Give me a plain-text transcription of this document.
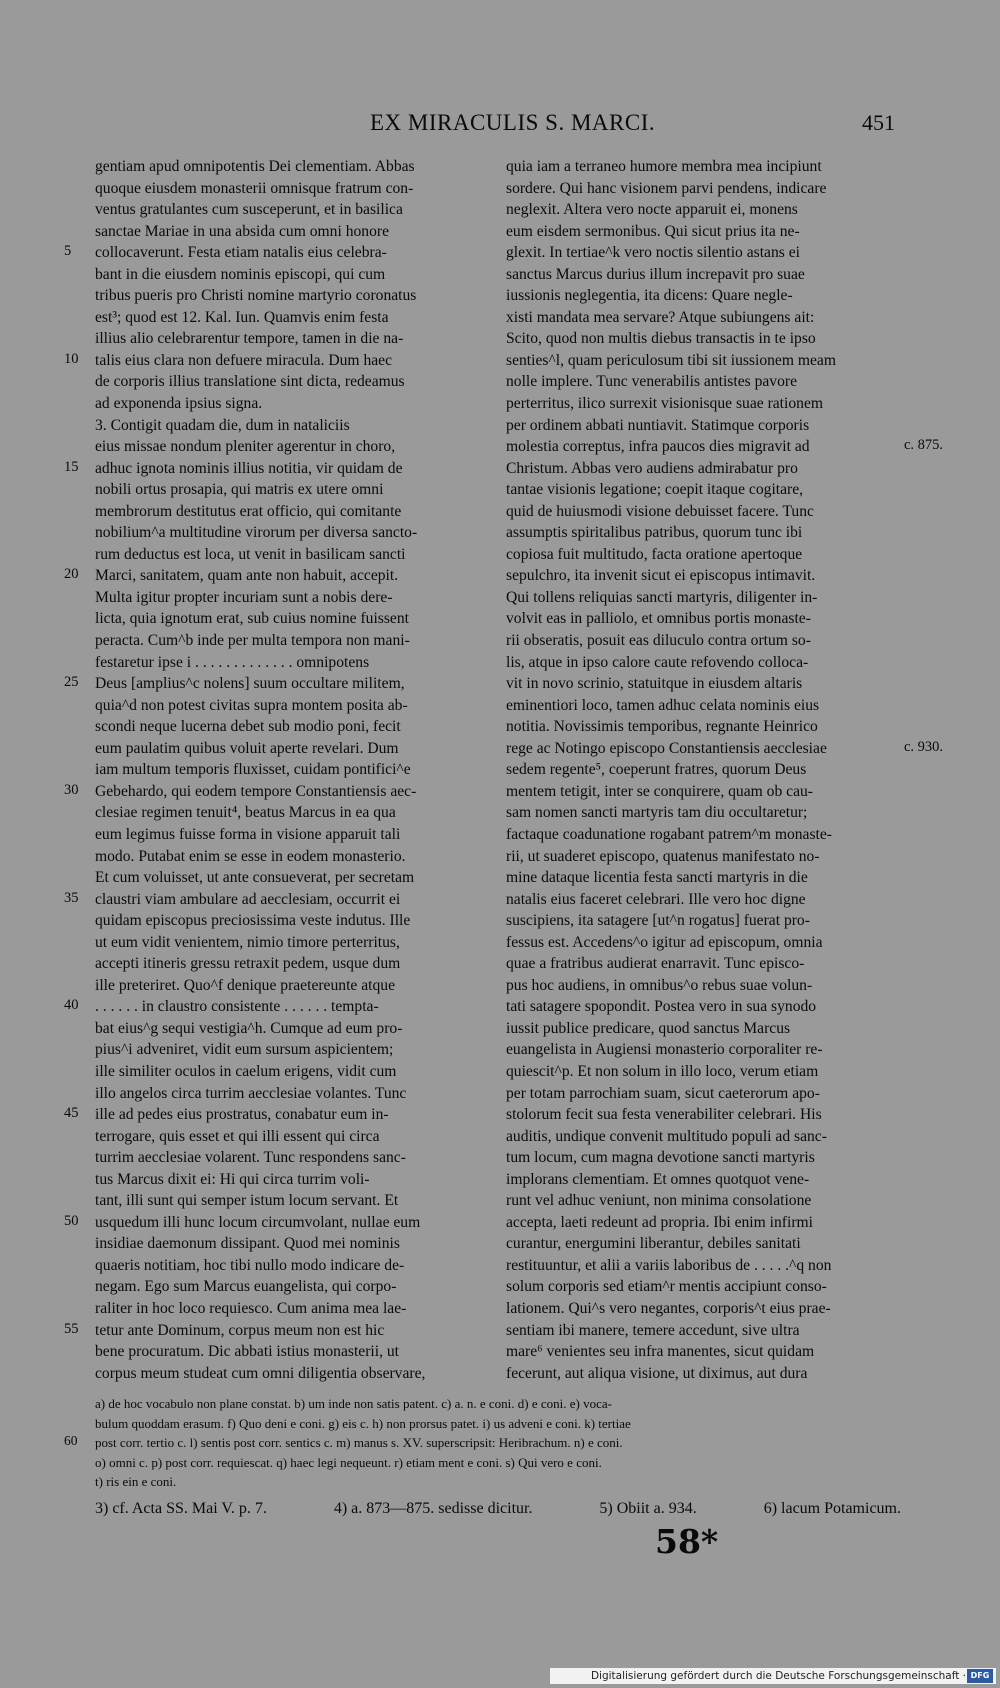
EX MIRACULIS S. MARCI.	451
gentiam apud omnipotentis Dei clementiam. Abbas
quoque eiusdem monasterii omnisque fratrum con-
ventus gratulantes cum susceperunt, et in basilica
sanctae Mariae in una absida cum omni honore
collocaverunt. Festa etiam natalis eius celebra-
bant in die eiusdem nominis episcopi, qui cum
tribus pueris pro Christi nomine martyrio coronatus
est³; quod est 12. Kal. Iun. Quamvis enim festa
illius alio celebrarentur tempore, tamen in die na-
talis eius clara non defuere miracula. Dum haec
de corporis illius translatione sint dicta, redeamus
ad exponenda ipsius signa.
3. Contigit quadam die, dum in nataliciis
eius missae nondum pleniter agerentur in choro,
adhuc ignota nominis illius notitia, vir quidam de
nobili ortus prosapia, qui matris ex utere omni
membrorum destitutus erat officio, qui comitante
nobilium^a multitudine virorum per diversa sancto-
rum deductus est loca, ut venit in basilicam sancti
Marci, sanitatem, quam ante non habuit, accepit.
Multa igitur propter incuriam sunt a nobis dere-
licta, quia ignotum erat, sub cuius nomine fuissent
peracta. Cum^b inde per multa tempora non mani-
festaretur ipse i . . . . . . . . . . . . . omnipotens
Deus [amplius^c nolens] suum occultare militem,
quia^d non potest civitas supra montem posita ab-
scondi neque lucerna debet sub modio poni, fecit
eum paulatim quibus voluit aperte revelari. Dum
iam multum temporis fluxisset, cuidam pontifici^e
Gebehardo, qui eodem tempore Constantiensis aec-
clesiae regimen tenuit⁴, beatus Marcus in ea qua
eum legimus fuisse forma in visione apparuit tali
modo. Putabat enim se esse in eodem monasterio.
Et cum voluisset, ut ante consueverat, per secretam
claustri viam ambulare ad aecclesiam, occurrit ei
quidam episcopus preciosissima veste indutus. Ille
ut eum vidit venientem, nimio timore perterritus,
accepti itineris gressu retraxit pedem, usque dum
ille preteriret. Quo^f denique praetereunte atque
. . . . . . in claustro consistente . . . . . . tempta-
bat eius^g sequi vestigia^h. Cumque ad eum pro-
pius^i adveniret, vidit eum sursum aspicientem;
ille similiter oculos in caelum erigens, vidit cum
illo angelos circa turrim aecclesiae volantes. Tunc
ille ad pedes eius prostratus, conabatur eum in-
terrogare, quis esset et qui illi essent qui circa
turrim aecclesiae volarent. Tunc respondens sanc-
tus Marcus dixit ei: Hi qui circa turrim voli-
tant, illi sunt qui semper istum locum servant. Et
usquedum illi hunc locum circumvolant, nullae eum
insidiae daemonum dissipant. Quod mei nominis
quaeris notitiam, hoc tibi nullo modo indicare de-
negam. Ego sum Marcus euangelista, qui corpo-
raliter in hoc loco requiesco. Cum anima mea lae-
tetur ante Dominum, corpus meum non est hic
bene procuratum. Dic abbati istius monasterii, ut
corpus meum studeat cum omni diligentia observare,
quia iam a terraneo humore membra mea incipiunt
sordere. Qui hanc visionem parvi pendens, indicare
neglexit. Altera vero nocte apparuit ei, monens
eum eisdem sermonibus. Qui sicut prius ita ne-
glexit. In tertiae^k vero noctis silentio astans ei
sanctus Marcus durius illum increpavit pro suae
iussionis neglegentia, ita dicens: Quare negle-
xisti mandata mea servare? Atque subiungens ait:
Scito, quod non multis diebus transactis in te ipso
senties^l, quam periculosum tibi sit iussionem meam
nolle implere. Tunc venerabilis antistes pavore
perterritus, ilico surrexit visionisque suae rationem
per ordinem abbati nuntiavit. Statimque corporis
molestia correptus, infra paucos dies migravit ad
Christum. Abbas vero audiens admirabatur pro
tantae visionis legatione; coepit itaque cogitare,
quid de huiusmodi visione debuisset facere. Tunc
assumptis spiritalibus patribus, quorum tunc ibi
copiosa fuit multitudo, facta oratione apertoque
sepulchro, ita invenit sicut ei episcopus intimavit.
Qui tollens reliquias sancti martyris, diligenter in-
volvit eas in palliolo, et omnibus portis monaste-
rii obseratis, posuit eas diluculo contra ortum so-
lis, atque in ipso calore caute refovendo colloca-
vit in novo scrinio, statuitque in eiusdem altaris
eminentiori loco, tamen adhuc celata nominis eius
notitia. Novissimis temporibus, regnante Heinrico
rege ac Notingo episcopo Constantiensis aecclesiae
sedem regente⁵, coeperunt fratres, quorum Deus
mentem tetigit, inter se conquirere, quam ob cau-
sam nomen sancti martyris tam diu occultaretur;
factaque coadunatione rogabant patrem^m monaste-
rii, ut suaderet episcopo, quatenus manifestato no-
mine dataque licentia festa sancti martyris in die
natalis eius faceret celebrari. Ille vero hoc digne
suscipiens, ita satagere [ut^n rogatus] fuerat pro-
fessus est. Accedens^o igitur ad episcopum, omnia
quae a fratribus audierat enarravit. Tunc episco-
pus hoc audiens, in omnibus^o rebus suae volun-
tati satagere spopondit. Postea vero in sua synodo
iussit publice predicare, quod sanctus Marcus
euangelista in Augiensi monasterio corporaliter re-
quiescit^p. Et non solum in illo loco, verum etiam
per totam parrochiam suam, sicut caeterorum apo-
stolorum fecit sua festa venerabiliter celebrari. His
auditis, undique convenit multitudo populi ad sanc-
tum locum, cum magna devotione sancti martyris
implorans clementiam. Et omnes quotquot vene-
runt vel adhuc veniunt, non minima consolatione
accepta, laeti redeunt ad propria. Ibi enim infirmi
curantur, energumini liberantur, debiles sanitati
restituuntur, et alii a variis laboribus de . . . . .^q non
solum corporis sed etiam^r mentis accipiunt conso-
lationem. Qui^s vero negantes, corporis^t eius prae-
sentiam ibi manere, temere accedunt, sive ultra
mare⁶ venientes seu infra manentes, sicut quidam
fecerunt, aut aliqua visione, ut diximus, aut dura
5
10
15
20
25
30
35
40
45
50
55
c. 875.
c. 930.
a) de hoc vocabulo non plane constat. b) um inde non satis patent. c) a. n. e coni. d) e coni. e) voca-
bulum quoddam erasum. f) Quo deni e coni. g) eis c. h) non prorsus patet. i) us adveni e coni. k) tertiae
post corr. tertio c. l) sentis post corr. sentics c. m) manus s. XV. superscripsit: Heribrachum. n) e coni.
o) omni c. p) post corr. requiescat. q) haec legi nequeunt. r) etiam ment e coni. s) Qui vero e coni.
t) ris ein e coni.
60
3) cf. Acta SS. Mai V. p. 7.	4) a. 873—875. sedisse dicitur.	5) Obiit a. 934.	6) lacum Potamicum.
58*
Digitalisierung gefördert durch die Deutsche Forschungsgemeinschaft · DFG
